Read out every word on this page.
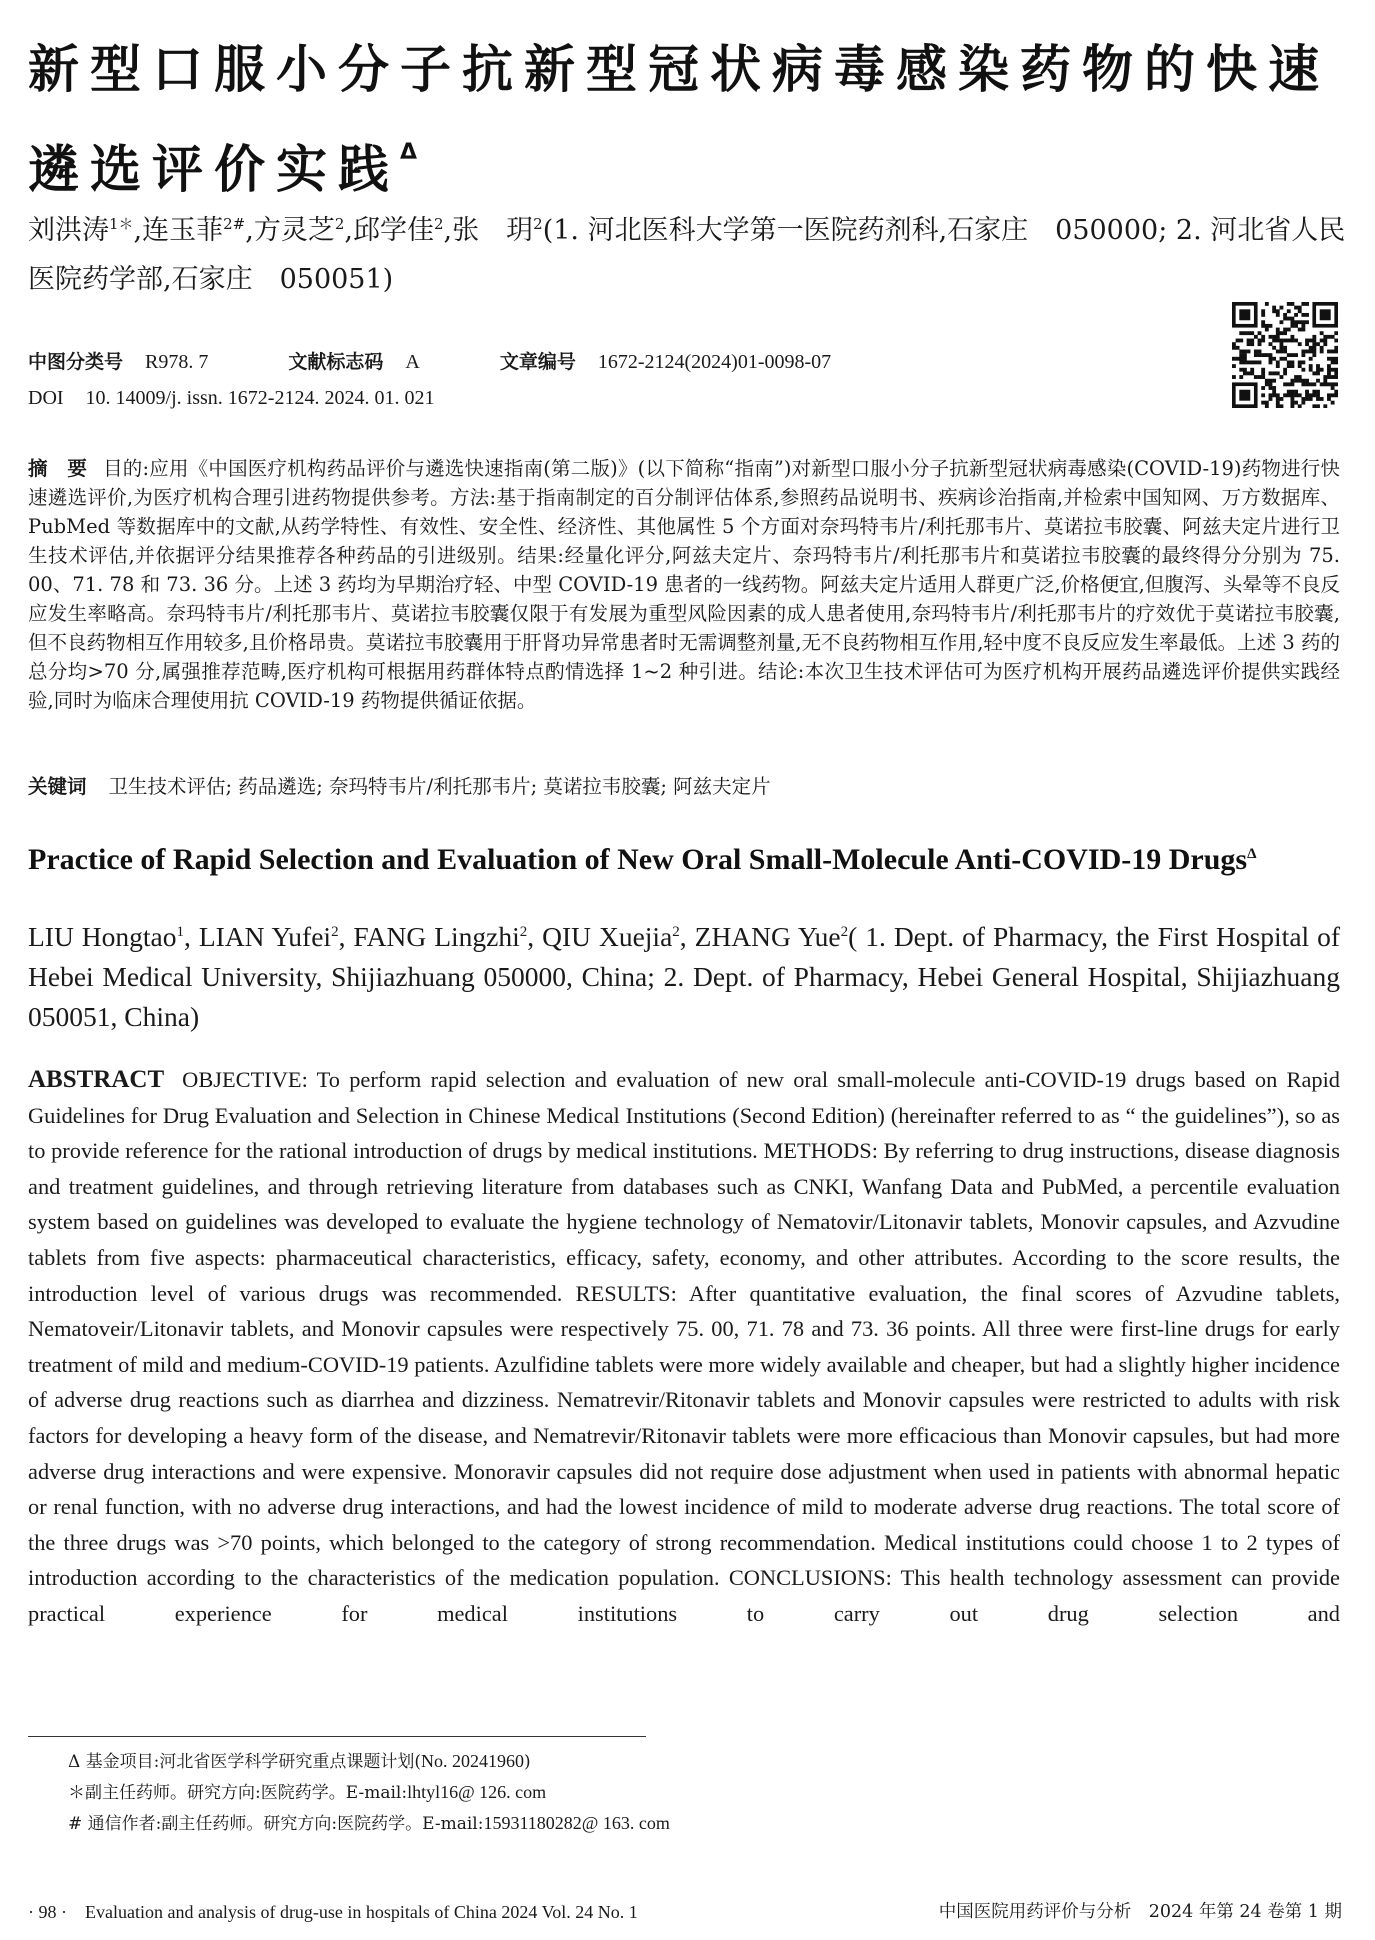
新型口服小分子抗新型冠状病毒感染药物的快速遴选评价实践$^\Delta$
刘洪涛$^{1*}$,连玉菲$^{2\#}$,方灵芝$^2$,邱学佳$^2$,张　玥$^2$(1. 河北医科大学第一医院药剂科,石家庄　050000; 2. 河北省人民医院药学部,石家庄　050051)
中图分类号 R978. 7	文献标志码 A	文章编号 1672-2124(2024)01-0098-07
DOI 10. 14009/j. issn. 1672-2124. 2024. 01. 021
摘　要 目的:应用《中国医疗机构药品评价与遴选快速指南(第二版)》(以下简称“指南”)对新型口服小分子抗新型冠状病毒感染(COVID-19)药物进行快速遴选评价,为医疗机构合理引进药物提供参考。方法:基于指南制定的百分制评估体系,参照药品说明书、疾病诊治指南,并检索中国知网、万方数据库、PubMed 等数据库中的文献,从药学特性、有效性、安全性、经济性、其他属性 5 个方面对奈玛特韦片/利托那韦片、莫诺拉韦胶囊、阿兹夫定片进行卫生技术评估,并依据评分结果推荐各种药品的引进级别。结果:经量化评分,阿兹夫定片、奈玛特韦片/利托那韦片和莫诺拉韦胶囊的最终得分分别为 75. 00、71. 78 和 73. 36 分。上述 3 药均为早期治疗轻、中型 COVID-19 患者的一线药物。阿兹夫定片适用人群更广泛,价格便宜,但腹泻、头晕等不良反应发生率略高。奈玛特韦片/利托那韦片、莫诺拉韦胶囊仅限于有发展为重型风险因素的成人患者使用,奈玛特韦片/利托那韦片的疗效优于莫诺拉韦胶囊,但不良药物相互作用较多,且价格昂贵。莫诺拉韦胶囊用于肝肾功异常患者时无需调整剂量,无不良药物相互作用,轻中度不良反应发生率最低。上述 3 药的总分均>70 分,属强推荐范畴,医疗机构可根据用药群体特点酌情选择 1~2 种引进。结论:本次卫生技术评估可为医疗机构开展药品遴选评价提供实践经验,同时为临床合理使用抗 COVID-19 药物提供循证依据。
关键词 卫生技术评估; 药品遴选; 奈玛特韦片/利托那韦片; 莫诺拉韦胶囊; 阿兹夫定片
Practice of Rapid Selection and Evaluation of New Oral Small-Molecule Anti-COVID-19 Drugs$^\Delta$
LIU Hongtao$^1$, LIAN Yufei$^2$, FANG Lingzhi$^2$, QIU Xuejia$^2$, ZHANG Yue$^2$( 1. Dept. of Pharmacy, the First Hospital of Hebei Medical University, Shijiazhuang 050000, China; 2. Dept. of Pharmacy, Hebei General Hospital, Shijiazhuang 050051, China)
ABSTRACT OBJECTIVE: To perform rapid selection and evaluation of new oral small-molecule anti-COVID-19 drugs based on Rapid Guidelines for Drug Evaluation and Selection in Chinese Medical Institutions (Second Edition) (hereinafter referred to as “ the guidelines”), so as to provide reference for the rational introduction of drugs by medical institutions. METHODS: By referring to drug instructions, disease diagnosis and treatment guidelines, and through retrieving literature from databases such as CNKI, Wanfang Data and PubMed, a percentile evaluation system based on guidelines was developed to evaluate the hygiene technology of Nematovir/Litonavir tablets, Monovir capsules, and Azvudine tablets from five aspects: pharmaceutical characteristics, efficacy, safety, economy, and other attributes. According to the score results, the introduction level of various drugs was recommended. RESULTS: After quantitative evaluation, the final scores of Azvudine tablets, Nematoveir/Litonavir tablets, and Monovir capsules were respectively 75. 00, 71. 78 and 73. 36 points. All three were first-line drugs for early treatment of mild and medium-COVID-19 patients. Azulfidine tablets were more widely available and cheaper, but had a slightly higher incidence of adverse drug reactions such as diarrhea and dizziness. Nematrevir/Ritonavir tablets and Monovir capsules were restricted to adults with risk factors for developing a heavy form of the disease, and Nematrevir/Ritonavir tablets were more efficacious than Monovir capsules, but had more adverse drug interactions and were expensive. Monoravir capsules did not require dose adjustment when used in patients with abnormal hepatic or renal function, with no adverse drug interactions, and had the lowest incidence of mild to moderate adverse drug reactions. The total score of the three drugs was >70 points, which belonged to the category of strong recommendation. Medical institutions could choose 1 to 2 types of introduction according to the characteristics of the medication population. CONCLUSIONS: This health technology assessment can provide practical experience for medical institutions to carry out drug selection and
Δ 基金项目:河北省医学科学研究重点课题计划(No. 20241960)
＊副主任药师。研究方向:医院药学。E-mail:lhtyl16@ 126. com
# 通信作者:副主任药师。研究方向:医院药学。E-mail:15931180282@ 163. com
· 98 ·　Evaluation and analysis of drug-use in hospitals of China 2024 Vol. 24 No. 1	中国医院用药评价与分析　2024 年第 24 卷第 1 期
